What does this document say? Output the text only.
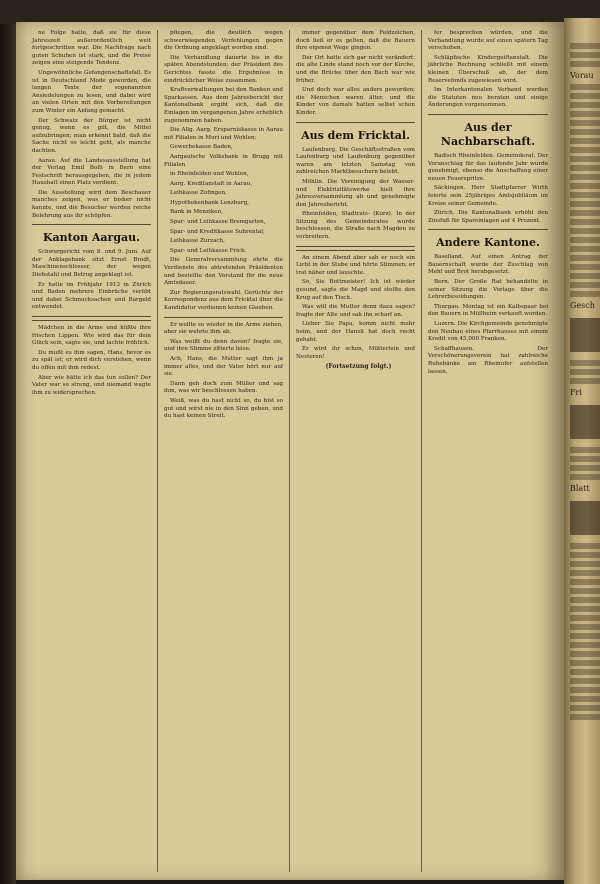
ne Folge hatte, daß sie für diese Jahreszeit außerordentlich weit fortgeschritten war. Die Nachfrage nach guten Schuhen ist stark, und die Preise zeigen eine steigende Tendenz.

Ungewöhnliche Gefangenschaftsfall. Es ist in Deutschland Mode geworden, die langen Texte der sogenannten Ansiedelungen zu lesen, und dabei wird an vielen Orten mit den Vorbereitungen zum Winter ein Anfang gemacht.

Der Schwatz der Bürger ist nicht genug, wenn es gilt, die Mittel aufzubringen; man erkennt bald, daß die Sache nicht so leicht geht, als manche dachten.

Aarau. Auf die Landesausstellung hat der Verlag Emil Bolli in Bern eine Festschrift herausgegeben, die in jedem Haushalt einen Platz verdient.

Die Ausstellung wird dem Beschauer manches zeigen, was er bisher nicht kannte, und die Besucher werden reiche Belehrung aus ihr schöpfen.

Kanton Aargau.

Schwurgericht vom 8. und 9. Juni. Auf der Anklagebank sitzt Ernst Brodt, Maschinenschlosser, der wegen Diebstahl und Betrug angeklagt ist.

Er hatte im Frühjahr 1913 in Zürich und Baden mehrere Einbrüche verübt und dabei Schmucksachen und Bargeld entwendet.

Mädchen in die Arme und küßte ihre frischen Lippen. Wie wird das für dein Glück sein, sagte sie, und lachte fröhlich.

Du mußt es ihm sagen, Hans, bevor es zu spät ist; er wird dich verstehen, wenn du offen mit ihm redest.

Aber wie hätte ich das tun sollen? Der Vater war so streng, und niemand wagte ihm zu widersprechen.

pflegen, die deutlich wegen schwerwiegenden Verfehlungen gegen die Ordnung angeklagt worden sind.

Die Verhandlung dauerte bis in die späten Abendstunden; der Präsident des Gerichtes fasste die Ergebnisse in eindrücklicher Weise zusammen.

Kraftverwaltungen bei den Banken und Sparkassen. Aus dem Jahresbericht der Kantonalbank ergibt sich, daß die Einlagen im vergangenen Jahre erheblich zugenommen haben.

Die Allg. Aarg. Ersparniskasse in Aarau mit Filialen in Muri und Wohlen:

Gewerbekasse Baden,

Aargauische Volksbank in Brugg mit Filialen

in Rheinfelden und Wohlen,

Aarg. Kreditanstalt in Aarau,

Leihkasse Zofingen,

Hypothekenbank Lenzburg,

Bank in Menziken,

Spar- und Leihkasse Bremgarten,

Spar- und Kreditkasse Suhrental,

Leihkasse Zurzach,

Spar- und Leihkasse Frick.

Die Generalversammlung ehrte die Verdienste des abtretenden Präsidenten und bestellte den Vorstand für die neue Amtsdauer.

Zur Regierungsratswahl. Gerüchte der Korrespondenz aus dem Fricktal über die Kandidatur verdienen keinen Glauben.

Er wollte so wieder in die Arme ziehen, aber sie wehrte ihm ab.

Was weißt du denn davon? fragte sie, und ihre Stimme zitterte leise.

Ach, Hans, die Mutter sagt ihm ja immer alles, und der Vater hört nur auf sie.

Dann geh doch zum Müller und sag ihm, was wir beschlossen haben.

Weiß, was du hast nicht so, du bist so gut und wirst nie in den Sinn geben, und du hast keinen Streit.

immer gegenüber dem Feldzeichen, doch ließ er es gelten, daß die Bauern ihre eigenen Wege gingen.

Der Ort hatte sich gar nicht verändert: die alte Linde stand noch vor der Kirche, und die Brücke über den Bach war wie früher.

Und doch war alles anders geworden; die Menschen waren älter, und die Kinder von damals hatten selbst schon Kinder.

Aus dem Fricktal.

Laufenburg. Die Geschäftsstraßen vom Laufenburg und Laufenburg gegenüber waren am letzten Samstag von zahlreichen Marktbesuchern belebt.

Möhlin. Die Vereinigung der Wasser- und Elektrizitätswerke hielt ihre Jahresversammlung ab und genehmigte den Jahresbericht.

Rheinfelden, Stadtrats- (Kurz). In der Sitzung des Gemeinderates wurde beschlossen, die Straße nach Magden zu verbreitern.

An einem Abend aber sah er noch ein Licht in der Stube und hörte Stimmen; er trat näher und lauschte.

So, Sie Bottmeister! Ich ist wieder gesund, sagte die Magd und stellte den Krug auf den Tisch.

Was will die Mutter denn dazu sagen? fragte der Alte und sah ihn scharf an.

Lieber Sie Papa, komm nicht mehr heim, und der Hansli hat doch recht gehabt.

Er wird ihr schon, Mütterlein und Nesteren!

(Fortsetzung folgt.)

fer besprechen würden, und die Verhandlung wurde auf einen spätern Tag verschoben.

Schläpfische Kindergeiftanstalt. Die jährliche Rechnung schließt mit einem kleinen Überschuß ab, der dem Reservefonds zugewiesen wird.

Im Interkantonalen Verband wurden die Statuten neu beraten und einige Änderungen vorgenommen.

Aus der Nachbarschaft.

Badisch Rheinfelden. Gemeinderat. Der Voranschlag für das laufende Jahr wurde genehmigt, ebenso die Anschaffung einer neuen Feuerspritze.

Säckingen. Herr Stadtpfarrer Wirth feierte sein 25jähriges Amtsjubiläum im Kreise seiner Gemeinde.

Zürich. Die Kantonalbank erhöht den Zinsfuß für Spareinlagen auf 4 Prozent.

Andere Kantone.

Baselland. Auf einen Antrag der Bauernschaft wurde der Zuschlag von Mehl und Brot herabgesetzt.

Bern. Der Große Rat behandelte in seiner Sitzung die Vorlage über die Lehrerbesoldungen.

Thurgau. Montag ist ein Kalbspaar bei den Bauern in Müllheim verkauft worden.

Luzern. Die Kirchgemeinde genehmigte den Neubau eines Pfarrhauses mit einem Kredit von 45,000 Franken.

Schaffhausen. Der Verschönerungsverein hat zahlreiche Ruhebänke am Rheinufer aufstellen lassen.

Vorau
Gesch
Fri
Blatt
